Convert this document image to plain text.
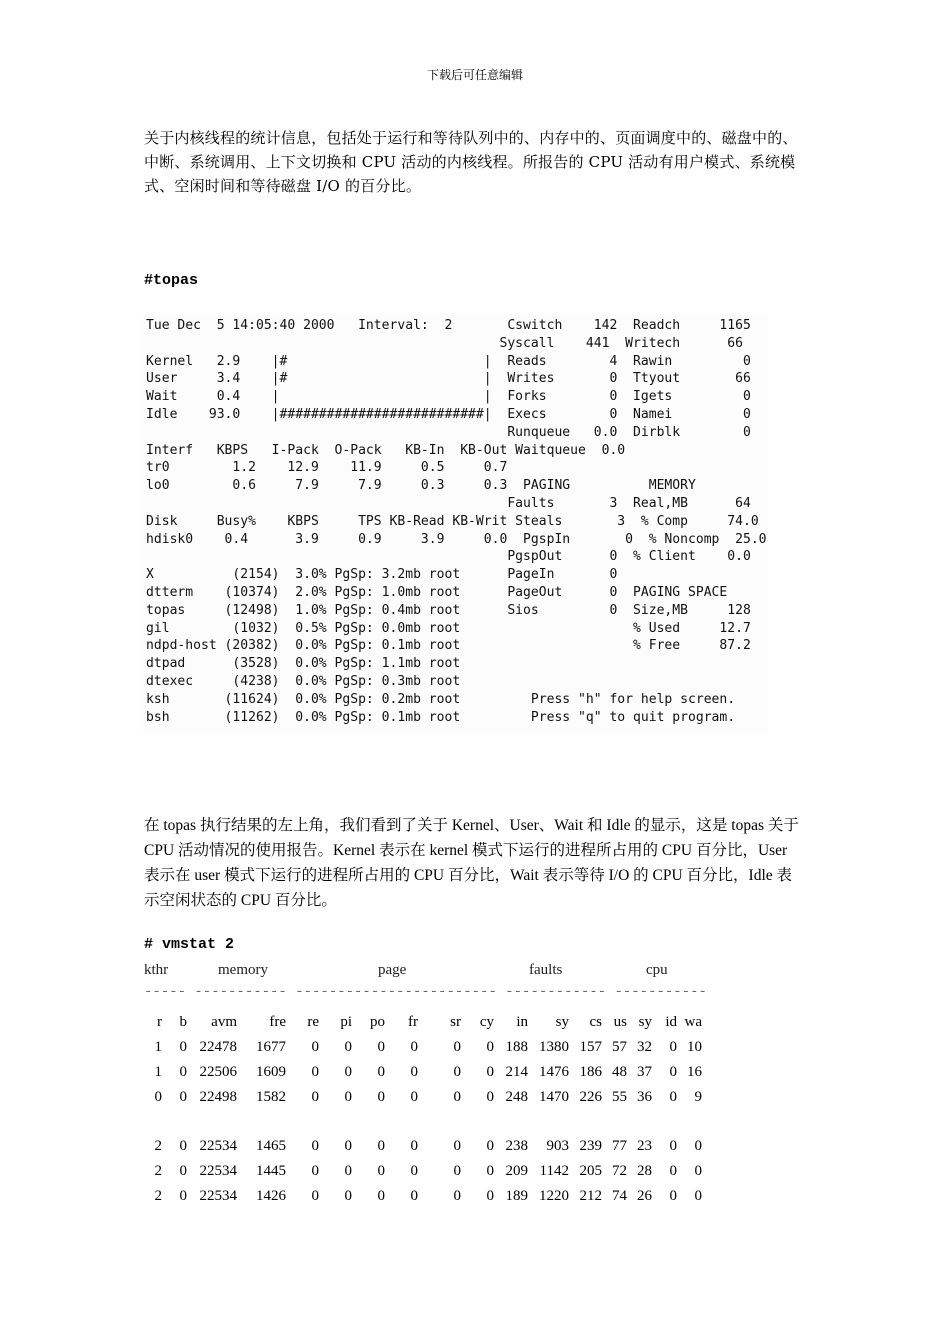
下载后可任意编辑

关于内核线程的统计信息，包括处于运行和等待队列中的、内存中的、页面调度中的、磁盘中的、中断、系统调用、上下文切换和 CPU 活动的内核线程。所报告的 CPU 活动有用户模式、系统模式、空闲时间和等待磁盘 I/O 的百分比。

#topas
Tue Dec  5 14:05:40 2000   Interval:  2       Cswitch    142  Readch     1165
Syscall    441  Writech      66
Kernel   2.9    |#                         |  Reads        4  Rawin         0
User     3.4    |#                         |  Writes       0  Ttyout       66
Wait     0.4    |                          |  Forks        0  Igets         0
Idle    93.0    |##########################|  Execs        0  Namei         0
Runqueue   0.0  Dirblk        0
Interf   KBPS   I-Pack  O-Pack   KB-In  KB-Out Waitqueue  0.0
tr0        1.2    12.9    11.9     0.5     0.7
lo0        0.6     7.9     7.9     0.3     0.3  PAGING          MEMORY
Faults       3  Real,MB      64
Disk     Busy%    KBPS     TPS KB-Read KB-Writ Steals       3  % Comp     74.0
hdisk0    0.4      3.9     0.9     3.9     0.0  PgspIn       0  % Noncomp  25.0
PgspOut      0  % Client    0.0
X          (2154)  3.0% PgSp: 3.2mb root      PageIn       0
dtterm    (10374)  2.0% PgSp: 1.0mb root      PageOut      0  PAGING SPACE
topas     (12498)  1.0% PgSp: 0.4mb root      Sios         0  Size,MB     128
gil        (1032)  0.5% PgSp: 0.0mb root                      % Used     12.7
ndpd-host (20382)  0.0% PgSp: 0.1mb root                      % Free     87.2
dtpad      (3528)  0.0% PgSp: 1.1mb root
dtexec     (4238)  0.0% PgSp: 0.3mb root
ksh       (11624)  0.0% PgSp: 0.2mb root         Press "h" for help screen.
bsh       (11262)  0.0% PgSp: 0.1mb root         Press "q" to quit program.

在 topas 执行结果的左上角，我们看到了关于 Kernel、User、Wait 和 Idle 的显示，这是 topas 关于 CPU 活动情况的使用报告。Kernel 表示在 kernel 模式下运行的进程所占用的 CPU 百分比，User 表示在 user 模式下运行的进程所占用的 CPU 百分比，Wait 表示等待 I/O 的 CPU 百分比，Idle 表示空闲状态的 CPU 百分比。

# vmstat 2
kthr	memory	page	faults	cpu
----- ----------- ------------------------ ------------ -----------
r	b	avm	fre	re	pi	po	fr	sr	cy	in	sy	cs	us	sy	id	wa
1	0	22478	1677	0	0	0	0	0	0	188	1380	157	57	32	0	10
1	0	22506	1609	0	0	0	0	0	0	214	1476	186	48	37	0	16
0	0	22498	1582	0	0	0	0	0	0	248	1470	226	55	36	0	9

2	0	22534	1465	0	0	0	0	0	0	238	903	239	77	23	0	0
2	0	22534	1445	0	0	0	0	0	0	209	1142	205	72	28	0	0
2	0	22534	1426	0	0	0	0	0	0	189	1220	212	74	26	0	0
